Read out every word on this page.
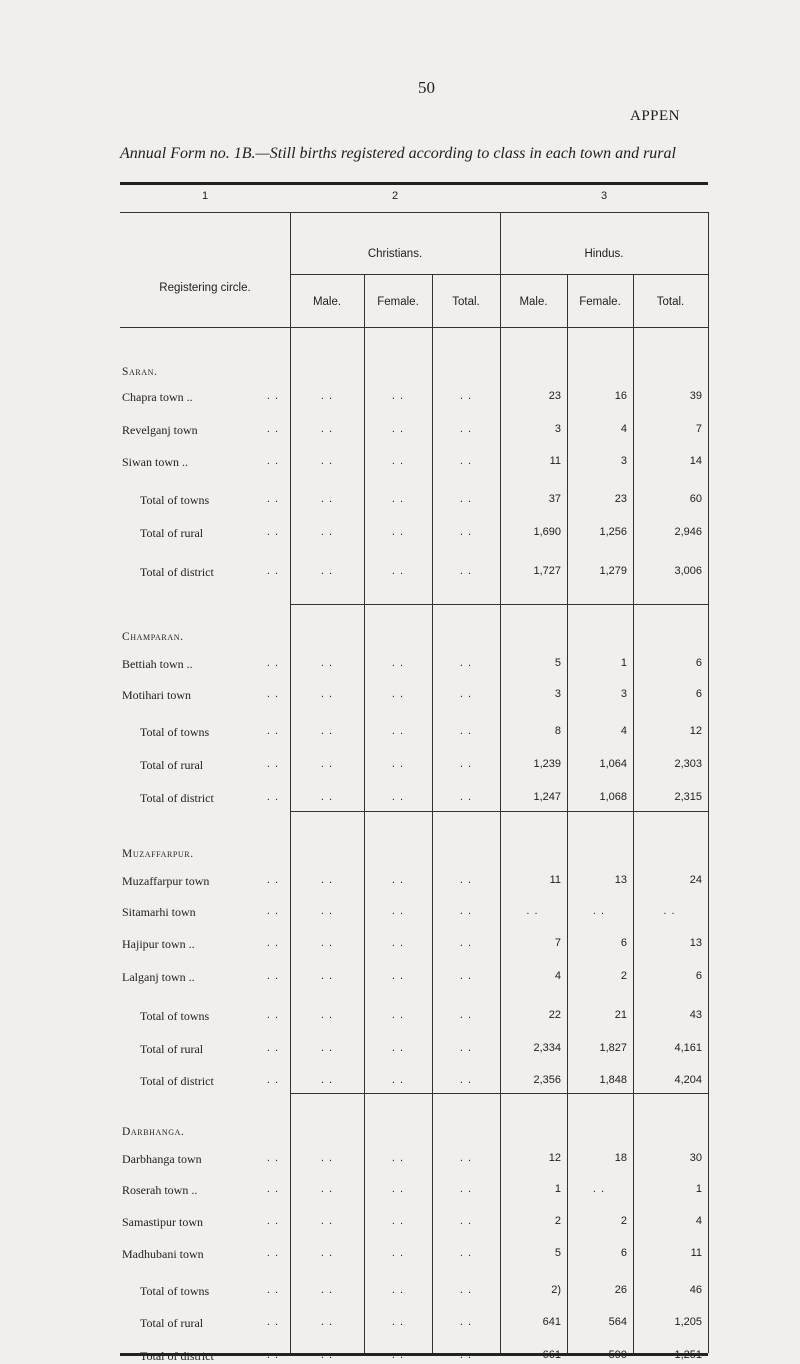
50
APPEN
Annual Form no. 1B.—Still births registered according to class in each town and rural
1	2	3
Registering circle.
Christians.	Hindus.
Male.	Female.	Total.	Male.	Female.	Total.
Saran.
Chapra town ..	. .	. .	. .	. .	23	16	39
Revelganj town	. .	. .	. .	. .	3	4	7
Siwan town ..	. .	. .	. .	. .	11	3	14
Total of towns	. .	. .	. .	. .	37	23	60
Total of rural	. .	. .	. .	. .	1,690	1,256	2,946
Total of district	. .	. .	. .	. .	1,727	1,279	3,006
Champaran.
Bettiah town ..	. .	. .	. .	. .	5	1	6
Motihari town	. .	. .	. .	. .	3	3	6
Total of towns	. .	. .	. .	. .	8	4	12
Total of rural	. .	. .	. .	. .	1,239	1,064	2,303
Total of district	. .	. .	. .	. .	1,247	1,068	2,315
Muzaffarpur.
Muzaffarpur town	. .	. .	. .	. .	11	13	24
Sitamarhi town	. .	. .	. .	. .	. .	. .	. .
Hajipur town ..	. .	. .	. .	. .	7	6	13
Lalganj town ..	. .	. .	. .	. .	4	2	6
Total of towns	. .	. .	. .	. .	22	21	43
Total of rural	. .	. .	. .	. .	2,334	1,827	4,161
Total of district	. .	. .	. .	. .	2,356	1,848	4,204
Darbhanga.
Darbhanga town	. .	. .	. .	. .	12	18	30
Roserah town ..	. .	. .	. .	. .	1	. .	1
Samastipur town	. .	. .	. .	. .	2	2	4
Madhubani town	. .	. .	. .	. .	5	6	11
Total of towns	. .	. .	. .	. .	2)	26	46
Total of rural	. .	. .	. .	. .	641	564	1,205
